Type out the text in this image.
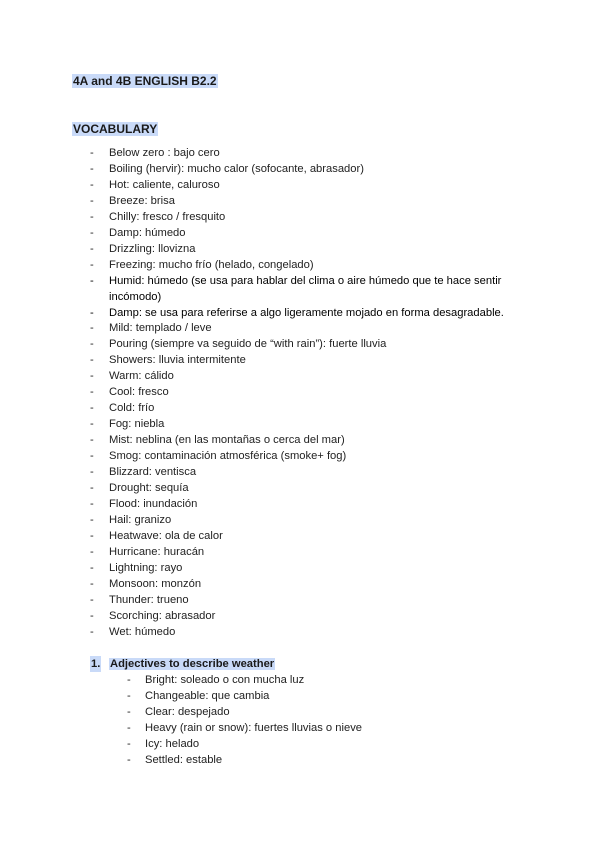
4A and 4B ENGLISH B2.2
VOCABULARY
-	Below zero : bajo cero
-	Boiling (hervir): mucho calor (sofocante, abrasador)
-	Hot: caliente, caluroso
-	Breeze: brisa
-	Chilly: fresco / fresquito
-	Damp: húmedo
-	Drizzling: llovizna
-	Freezing: mucho frío (helado, congelado)
-	Humid: húmedo (se usa para hablar del clima o aire húmedo que te hace sentir incómodo)
-	Damp: se usa para referirse a algo ligeramente mojado en forma desagradable.
-	Mild: templado / leve
-	Pouring (siempre va seguido de “with rain”): fuerte lluvia
-	Showers: lluvia intermitente
-	Warm: cálido
-	Cool: fresco
-	Cold: frío
-	Fog: niebla
-	Mist: neblina (en las montañas o cerca del mar)
-	Smog: contaminación atmosférica (smoke+ fog)
-	Blizzard: ventisca
-	Drought: sequía
-	Flood: inundación
-	Hail: granizo
-	Heatwave: ola de calor
-	Hurricane: huracán
-	Lightning: rayo
-	Monsoon: monzón
-	Thunder: trueno
-	Scorching: abrasador
-	Wet: húmedo
1. Adjectives to describe weather
-	Bright: soleado o con mucha luz
-	Changeable: que cambia
-	Clear: despejado
-	Heavy (rain or snow): fuertes lluvias o nieve
-	Icy: helado
-	Settled: estable
